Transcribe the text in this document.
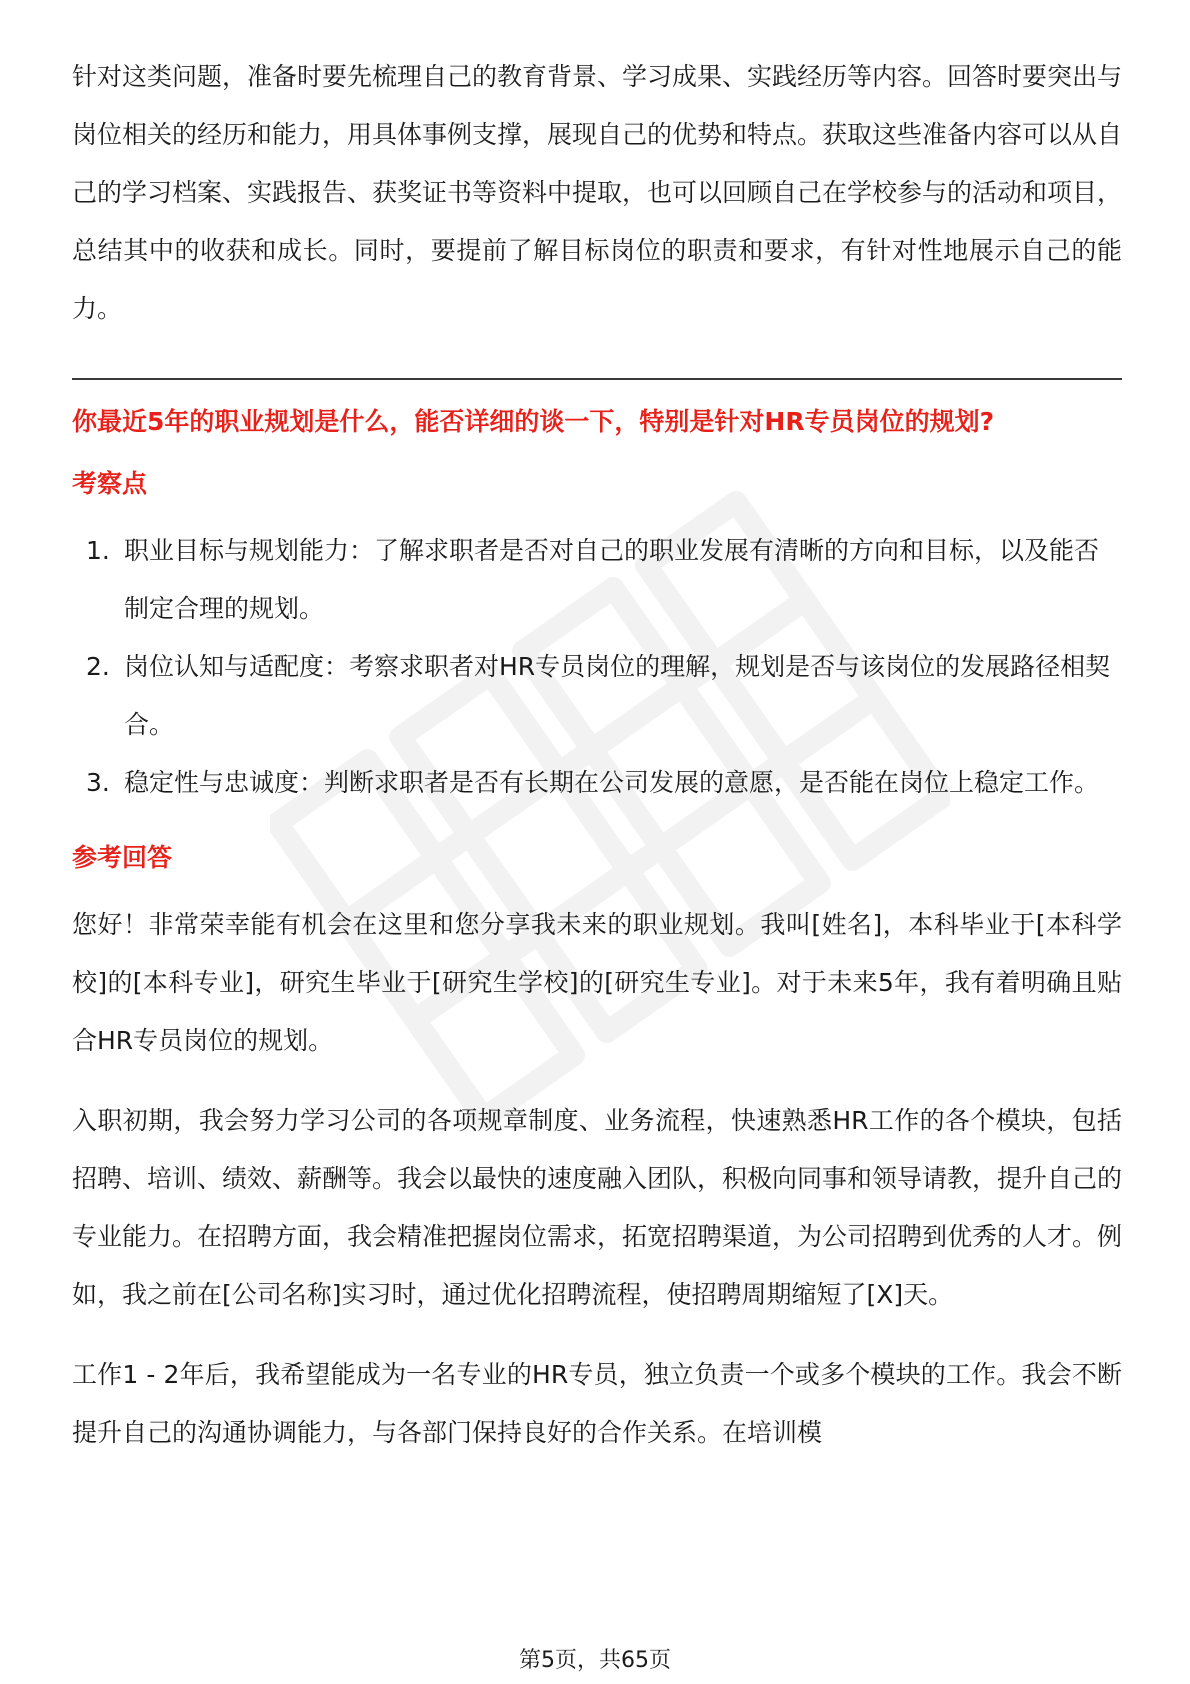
针对这类问题，准备时要先梳理自己的教育背景、学习成果、实践经历等内容。回答时要突出与岗位相关的经历和能力，用具体事例支撑，展现自己的优势和特点。获取这些准备内容可以从自己的学习档案、实践报告、获奖证书等资料中提取，也可以回顾自己在学校参与的活动和项目，总结其中的收获和成长。同时，要提前了解目标岗位的职责和要求，有针对性地展示自己的能力。

你最近5年的职业规划是什么，能否详细的谈一下，特别是针对HR专员岗位的规划?

考察点
1. 职业目标与规划能力：了解求职者是否对自己的职业发展有清晰的方向和目标，以及能否制定合理的规划。
2. 岗位认知与适配度：考察求职者对HR专员岗位的理解，规划是否与该岗位的发展路径相契合。
3. 稳定性与忠诚度：判断求职者是否有长期在公司发展的意愿，是否能在岗位上稳定工作。
参考回答

您好！非常荣幸能有机会在这里和您分享我未来的职业规划。我叫[姓名]，本科毕业于[本科学校]的[本科专业]，研究生毕业于[研究生学校]的[研究生专业]。对于未来5年，我有着明确且贴合HR专员岗位的规划。

入职初期，我会努力学习公司的各项规章制度、业务流程，快速熟悉HR工作的各个模块，包括招聘、培训、绩效、薪酬等。我会以最快的速度融入团队，积极向同事和领导请教，提升自己的专业能力。在招聘方面，我会精准把握岗位需求，拓宽招聘渠道，为公司招聘到优秀的人才。例如，我之前在[公司名称]实习时，通过优化招聘流程，使招聘周期缩短了[X]天。

工作1 - 2年后，我希望能成为一名专业的HR专员，独立负责一个或多个模块的工作。我会不断提升自己的沟通协调能力，与各部门保持良好的合作关系。在培训模

第5页，共65页
